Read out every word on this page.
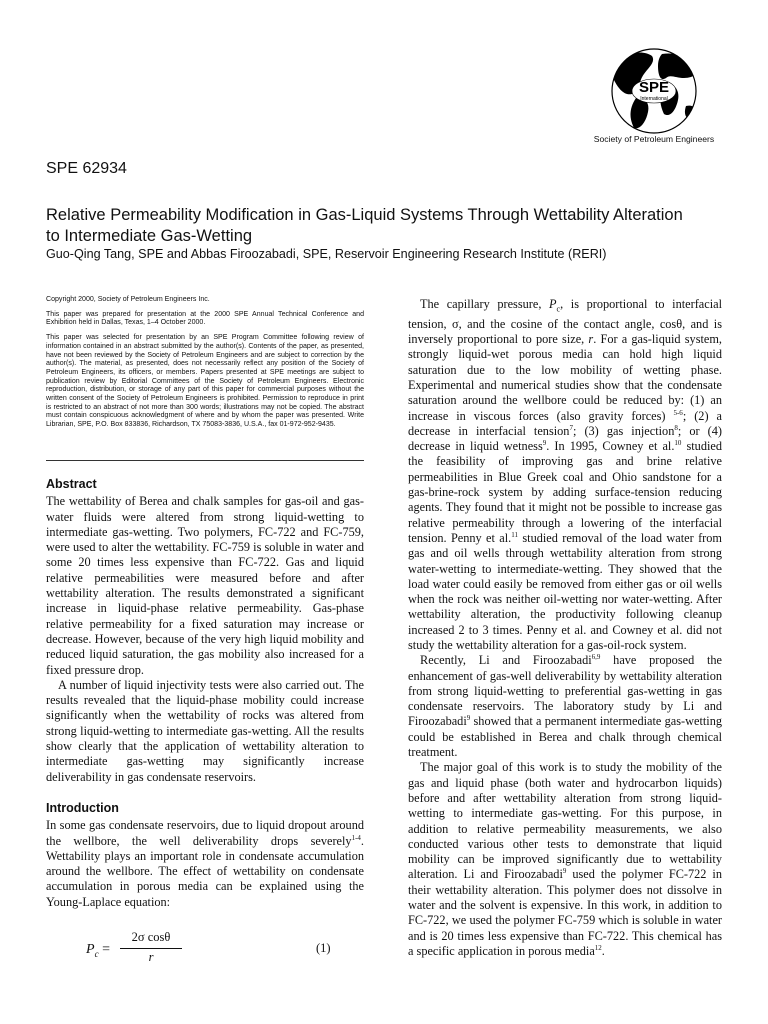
SPE
International
Society of Petroleum Engineers
SPE 62934
Relative Permeability Modification in Gas-Liquid Systems Through Wettability Alteration to Intermediate Gas-Wetting
Guo-Qing Tang, SPE and Abbas Firoozabadi, SPE, Reservoir Engineering Research Institute (RERI)

Copyright 2000, Society of Petroleum Engineers Inc.

This paper was prepared for presentation at the 2000 SPE Annual Technical Conference and Exhibition held in Dallas, Texas, 1–4 October 2000.

This paper was selected for presentation by an SPE Program Committee following review of information contained in an abstract submitted by the author(s). Contents of the paper, as presented, have not been reviewed by the Society of Petroleum Engineers and are subject to correction by the author(s). The material, as presented, does not necessarily reflect any position of the Society of Petroleum Engineers, its officers, or members. Papers presented at SPE meetings are subject to publication review by Editorial Committees of the Society of Petroleum Engineers. Electronic reproduction, distribution, or storage of any part of this paper for commercial purposes without the written consent of the Society of Petroleum Engineers is prohibited. Permission to reproduce in print is restricted to an abstract of not more than 300 words; illustrations may not be copied. The abstract must contain conspicuous acknowledgment of where and by whom the paper was presented. Write Librarian, SPE, P.O. Box 833836, Richardson, TX 75083-3836, U.S.A., fax 01-972-952-9435.

Abstract

The wettability of Berea and chalk samples for gas-oil and gas-water fluids were altered from strong liquid-wetting to intermediate gas-wetting. Two polymers, FC-722 and FC-759, were used to alter the wettability. FC-759 is soluble in water and some 20 times less expensive than FC-722. Gas and liquid relative permeabilities were measured before and after wettability alteration. The results demonstrated a significant increase in liquid-phase relative permeability. Gas-phase relative permeability for a fixed saturation may increase or decrease. However, because of the very high liquid mobility and reduced liquid saturation, the gas mobility also increased for a fixed pressure drop.

A number of liquid injectivity tests were also carried out. The results revealed that the liquid-phase mobility could increase significantly when the wettability of rocks was altered from strong liquid-wetting to intermediate gas-wetting. All the results show clearly that the application of wettability alteration to intermediate gas-wetting may significantly increase deliverability in gas condensate reservoirs.

Introduction

In some gas condensate reservoirs, due to liquid dropout around the wellbore, the well deliverability drops severely$^{1-4}$. Wettability plays an important role in condensate accumulation around the wellbore. The effect of wettability on condensate accumulation in porous media can be explained using the Young-Laplace equation:

$P_c$ =
2σ cosθ
r
(1)

The capillary pressure, $P_c$, is proportional to interfacial tension, σ, and the cosine of the contact angle, cosθ, and is inversely proportional to pore size, r. For a gas-liquid system, strongly liquid-wet porous media can hold high liquid saturation due to the low mobility of wetting phase. Experimental and numerical studies show that the condensate saturation around the wellbore could be reduced by: (1) an increase in viscous forces (also gravity forces) $^{5-6}$; (2) a decrease in interfacial tension$^7$; (3) gas injection$^8$; or (4) decrease in liquid wetness$^9$. In 1995, Cowney et al.$^{10}$ studied the feasibility of improving gas and brine relative permeabilities in Blue Greek coal and Ohio sandstone for a gas-brine-rock system by adding surface-tension reducing agents. They found that it might not be possible to increase gas relative permeability through a lowering of the interfacial tension. Penny et al.$^{11}$ studied removal of the load water from gas and oil wells through wettability alteration from strong water-wetting to intermediate-wetting. They showed that the load water could easily be removed from either gas or oil wells when the rock was neither oil-wetting nor water-wetting. After wettability alteration, the productivity following cleanup increased 2 to 3 times. Penny et al. and Cowney et al. did not study the wettability alteration for a gas-oil-rock system.

Recently, Li and Firoozabadi$^{6,9}$ have proposed the enhancement of gas-well deliverability by wettability alteration from strong liquid-wetting to preferential gas-wetting in gas condensate reservoirs. The laboratory study by Li and Firoozabadi$^9$ showed that a permanent intermediate gas-wetting could be established in Berea and chalk through chemical treatment.

The major goal of this work is to study the mobility of the gas and liquid phase (both water and hydrocarbon liquids) before and after wettability alteration from strong liquid-wetting to intermediate gas-wetting. For this purpose, in addition to relative permeability measurements, we also conducted various other tests to demonstrate that liquid mobility can be improved significantly due to wettability alteration. Li and Firoozabadi$^9$ used the polymer FC-722 in their wettability alteration. This polymer does not dissolve in water and the solvent is expensive. In this work, in addition to FC-722, we used the polymer FC-759 which is soluble in water and is 20 times less expensive than FC-722. This chemical has a specific application in porous media$^{12}$.
